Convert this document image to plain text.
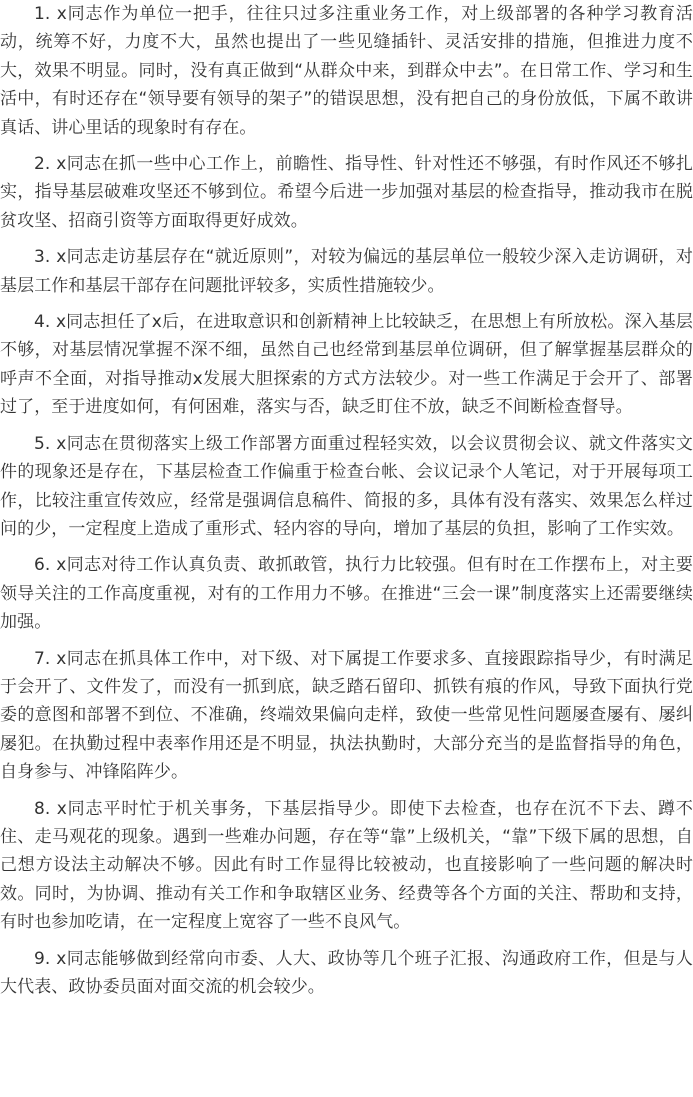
1. x同志作为单位一把手，往往只过多注重业务工作，对上级部署的各种学习教育活动，统筹不好，力度不大，虽然也提出了一些见缝插针、灵活安排的措施，但推进力度不大，效果不明显。同时，没有真正做到“从群众中来，到群众中去”。在日常工作、学习和生活中，有时还存在“领导要有领导的架子”的错误思想，没有把自己的身份放低，下属不敢讲真话、讲心里话的现象时有存在。

2. x同志在抓一些中心工作上，前瞻性、指导性、针对性还不够强，有时作风还不够扎实，指导基层破难攻坚还不够到位。希望今后进一步加强对基层的检查指导，推动我市在脱贫攻坚、招商引资等方面取得更好成效。

3. x同志走访基层存在“就近原则”，对较为偏远的基层单位一般较少深入走访调研，对基层工作和基层干部存在问题批评较多，实质性措施较少。

4. x同志担任了x后，在进取意识和创新精神上比较缺乏，在思想上有所放松。深入基层不够，对基层情况掌握不深不细，虽然自己也经常到基层单位调研，但了解掌握基层群众的呼声不全面，对指导推动x发展大胆探索的方式方法较少。对一些工作满足于会开了、部署过了，至于进度如何，有何困难，落实与否，缺乏盯住不放，缺乏不间断检查督导。

5. x同志在贯彻落实上级工作部署方面重过程轻实效，以会议贯彻会议、就文件落实文件的现象还是存在，下基层检查工作偏重于检查台帐、会议记录个人笔记，对于开展每项工作，比较注重宣传效应，经常是强调信息稿件、简报的多，具体有没有落实、效果怎么样过问的少，一定程度上造成了重形式、轻内容的导向，增加了基层的负担，影响了工作实效。

6. x同志对待工作认真负责、敢抓敢管，执行力比较强。但有时在工作摆布上，对主要领导关注的工作高度重视，对有的工作用力不够。在推进“三会一课”制度落实上还需要继续加强。

7. x同志在抓具体工作中，对下级、对下属提工作要求多、直接跟踪指导少，有时满足于会开了、文件发了，而没有一抓到底，缺乏踏石留印、抓铁有痕的作风，导致下面执行党委的意图和部署不到位、不准确，终端效果偏向走样，致使一些常见性问题屡查屡有、屡纠屡犯。在执勤过程中表率作用还是不明显，执法执勤时，大部分充当的是监督指导的角色，自身参与、冲锋陷阵少。

8. x同志平时忙于机关事务，下基层指导少。即使下去检查，也存在沉不下去、蹲不住、走马观花的现象。遇到一些难办问题，存在等“靠”上级机关，“靠”下级下属的思想，自己想方设法主动解决不够。因此有时工作显得比较被动，也直接影响了一些问题的解决时效。同时，为协调、推动有关工作和争取辖区业务、经费等各个方面的关注、帮助和支持，有时也参加吃请，在一定程度上宽容了一些不良风气。

9. x同志能够做到经常向市委、人大、政协等几个班子汇报、沟通政府工作，但是与人大代表、政协委员面对面交流的机会较少。
